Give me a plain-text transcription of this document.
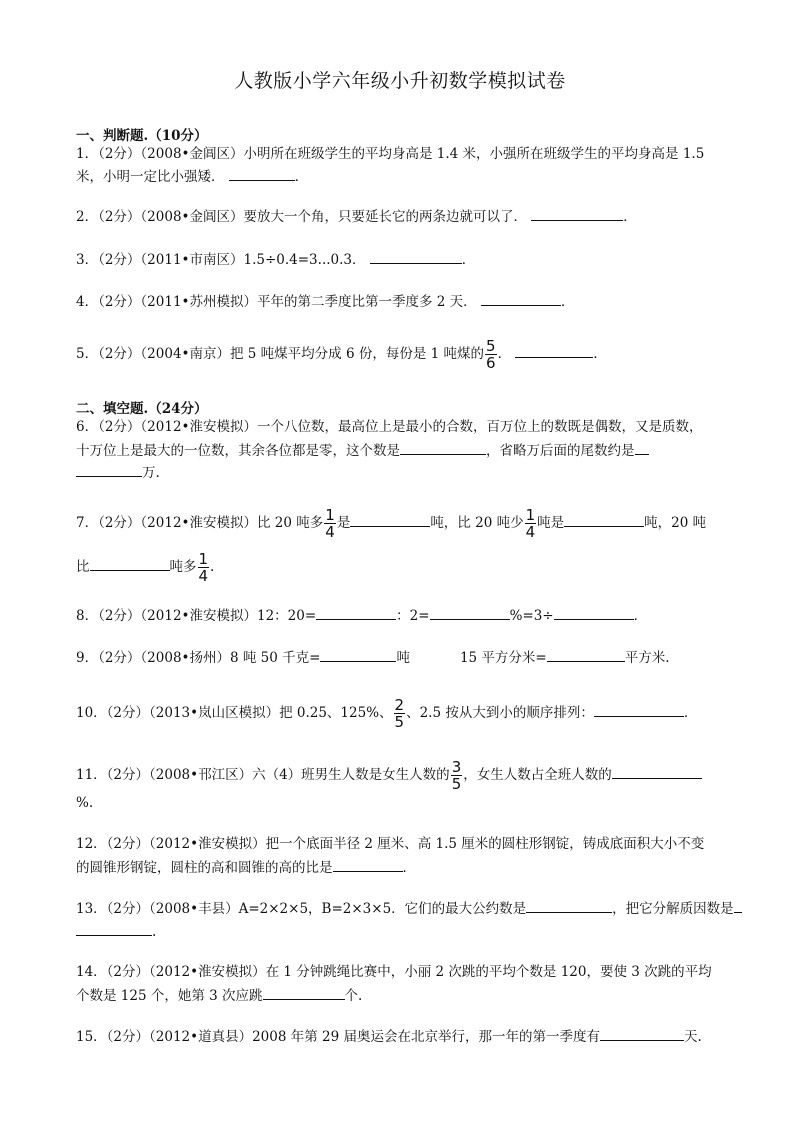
人教版小学六年级小升初数学模拟试卷
一、判断题.（10分）
1．（2分）（2008•金阊区）小明所在班级学生的平均身高是 1.4 米，小强所在班级学生的平均身高是 1.5
米，小明一定比小强矮．	．
2．（2分）（2008•金阊区）要放大一个角，只要延长它的两条边就可以了．	．
3．（2分）（2011•市南区）1.5÷0.4=3...0.3．	．
4．（2分）（2011•苏州模拟）平年的第二季度比第一季度多 2 天．	．
5．（2分）（2004•南京）把 5 吨煤平均分成 6 份，每份是 1 吨煤的 $\frac{5}{6}$ ．	．
二、填空题.（24分）
6．（2分）（2012•淮安模拟）一个八位数，最高位上是最小的合数，百万位上的数既是偶数，又是质数，
十万位上是最大的一位数，其余各位都是零，这个数是	，省略万后面的尾数约是
万.
7．（2分）（2012•淮安模拟）比 20 吨多 $\frac{1}{4}$ 是	吨，比 20 吨少 $\frac{1}{4}$ 吨是	吨，20 吨
比	吨多 $\frac{1}{4}$ .
8．（2分）（2012•淮安模拟）12：20=	：2=	%=3÷	．
9．（2分）（2008•扬州）8 吨 50 千克=	吨	15 平方分米=	平方米.
10．（2分）（2013•岚山区模拟）把 0.25、125%、 $\frac{2}{5}$ 、2.5 按从大到小的顺序排列：	．
11．（2分）（2008•邗江区）六（4）班男生人数是女生人数的 $\frac{3}{5}$ ，女生人数占全班人数的
%.
12．（2分）（2012•淮安模拟）把一个底面半径 2 厘米、高 1.5 厘米的圆柱形钢锭，铸成底面积大小不变
的圆锥形钢锭，圆柱的高和圆锥的高的比是	．
13．（2分）（2008•丰县）A=2×2×5，B=2×3×5．它们的最大公约数是	，把它分解质因数是
.
14．（2分）（2012•淮安模拟）在 1 分钟跳绳比赛中，小丽 2 次跳的平均个数是 120，要使 3 次跳的平均
个数是 125 个，她第 3 次应跳	个.
15．（2分）（2012•道真县）2008 年第 29 届奥运会在北京举行，那一年的第一季度有	天.
